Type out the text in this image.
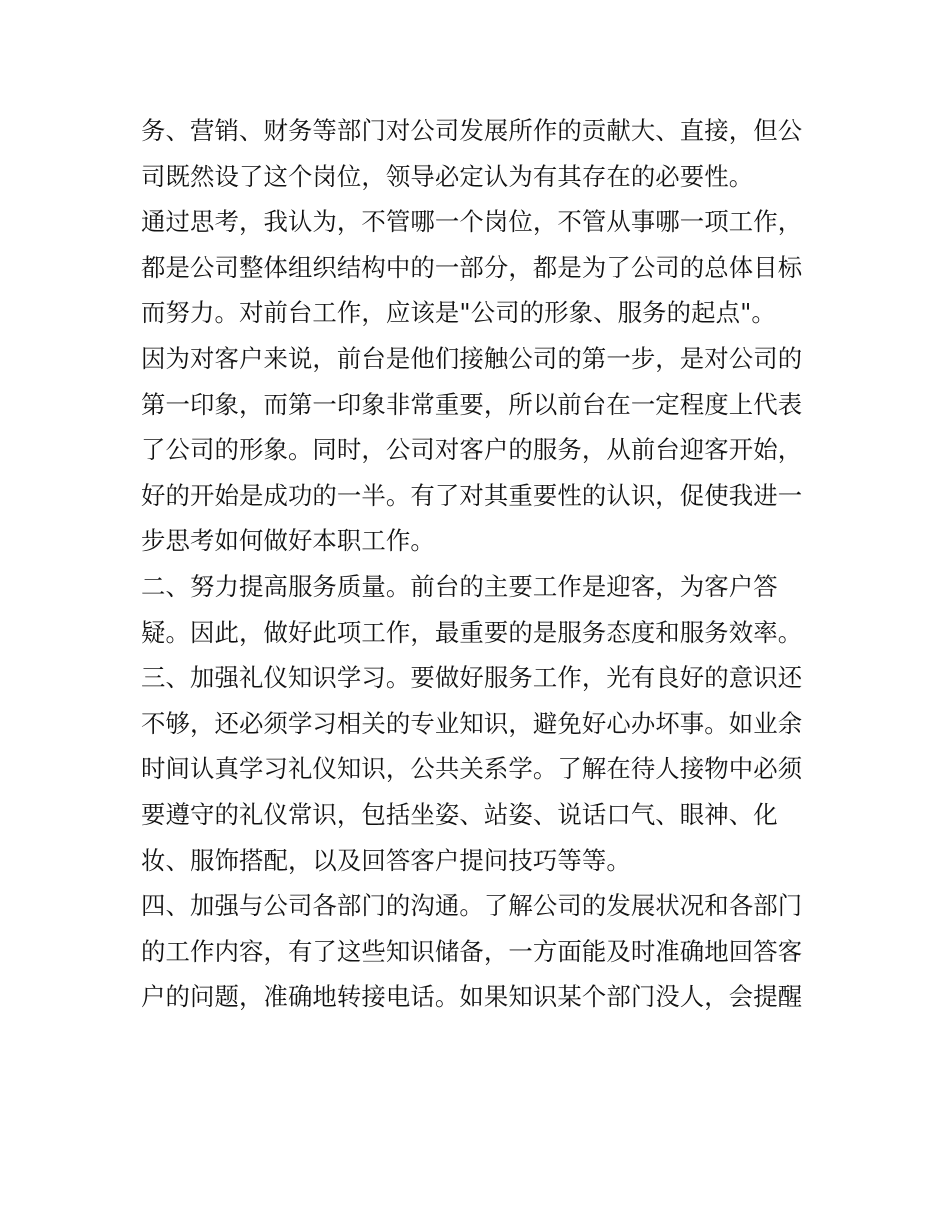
务、营销、财务等部门对公司发展所作的贡献大、直接，但公
司既然设了这个岗位，领导必定认为有其存在的必要性。
通过思考，我认为，不管哪一个岗位，不管从事哪一项工作，
都是公司整体组织结构中的一部分，都是为了公司的总体目标
而努力。对前台工作，应该是"公司的形象、服务的起点"。
因为对客户来说，前台是他们接触公司的第一步，是对公司的
第一印象，而第一印象非常重要，所以前台在一定程度上代表
了公司的形象。同时，公司对客户的服务，从前台迎客开始，
好的开始是成功的一半。有了对其重要性的认识，促使我进一
步思考如何做好本职工作。
二、努力提高服务质量。前台的主要工作是迎客，为客户答
疑。因此，做好此项工作，最重要的是服务态度和服务效率。
三、加强礼仪知识学习。要做好服务工作，光有良好的意识还
不够，还必须学习相关的专业知识，避免好心办坏事。如业余
时间认真学习礼仪知识，公共关系学。了解在待人接物中必须
要遵守的礼仪常识，包括坐姿、站姿、说话口气、眼神、化
妆、服饰搭配，以及回答客户提问技巧等等。
四、加强与公司各部门的沟通。了解公司的发展状况和各部门
的工作内容，有了这些知识储备，一方面能及时准确地回答客
户的问题，准确地转接电话。如果知识某个部门没人，会提醒
